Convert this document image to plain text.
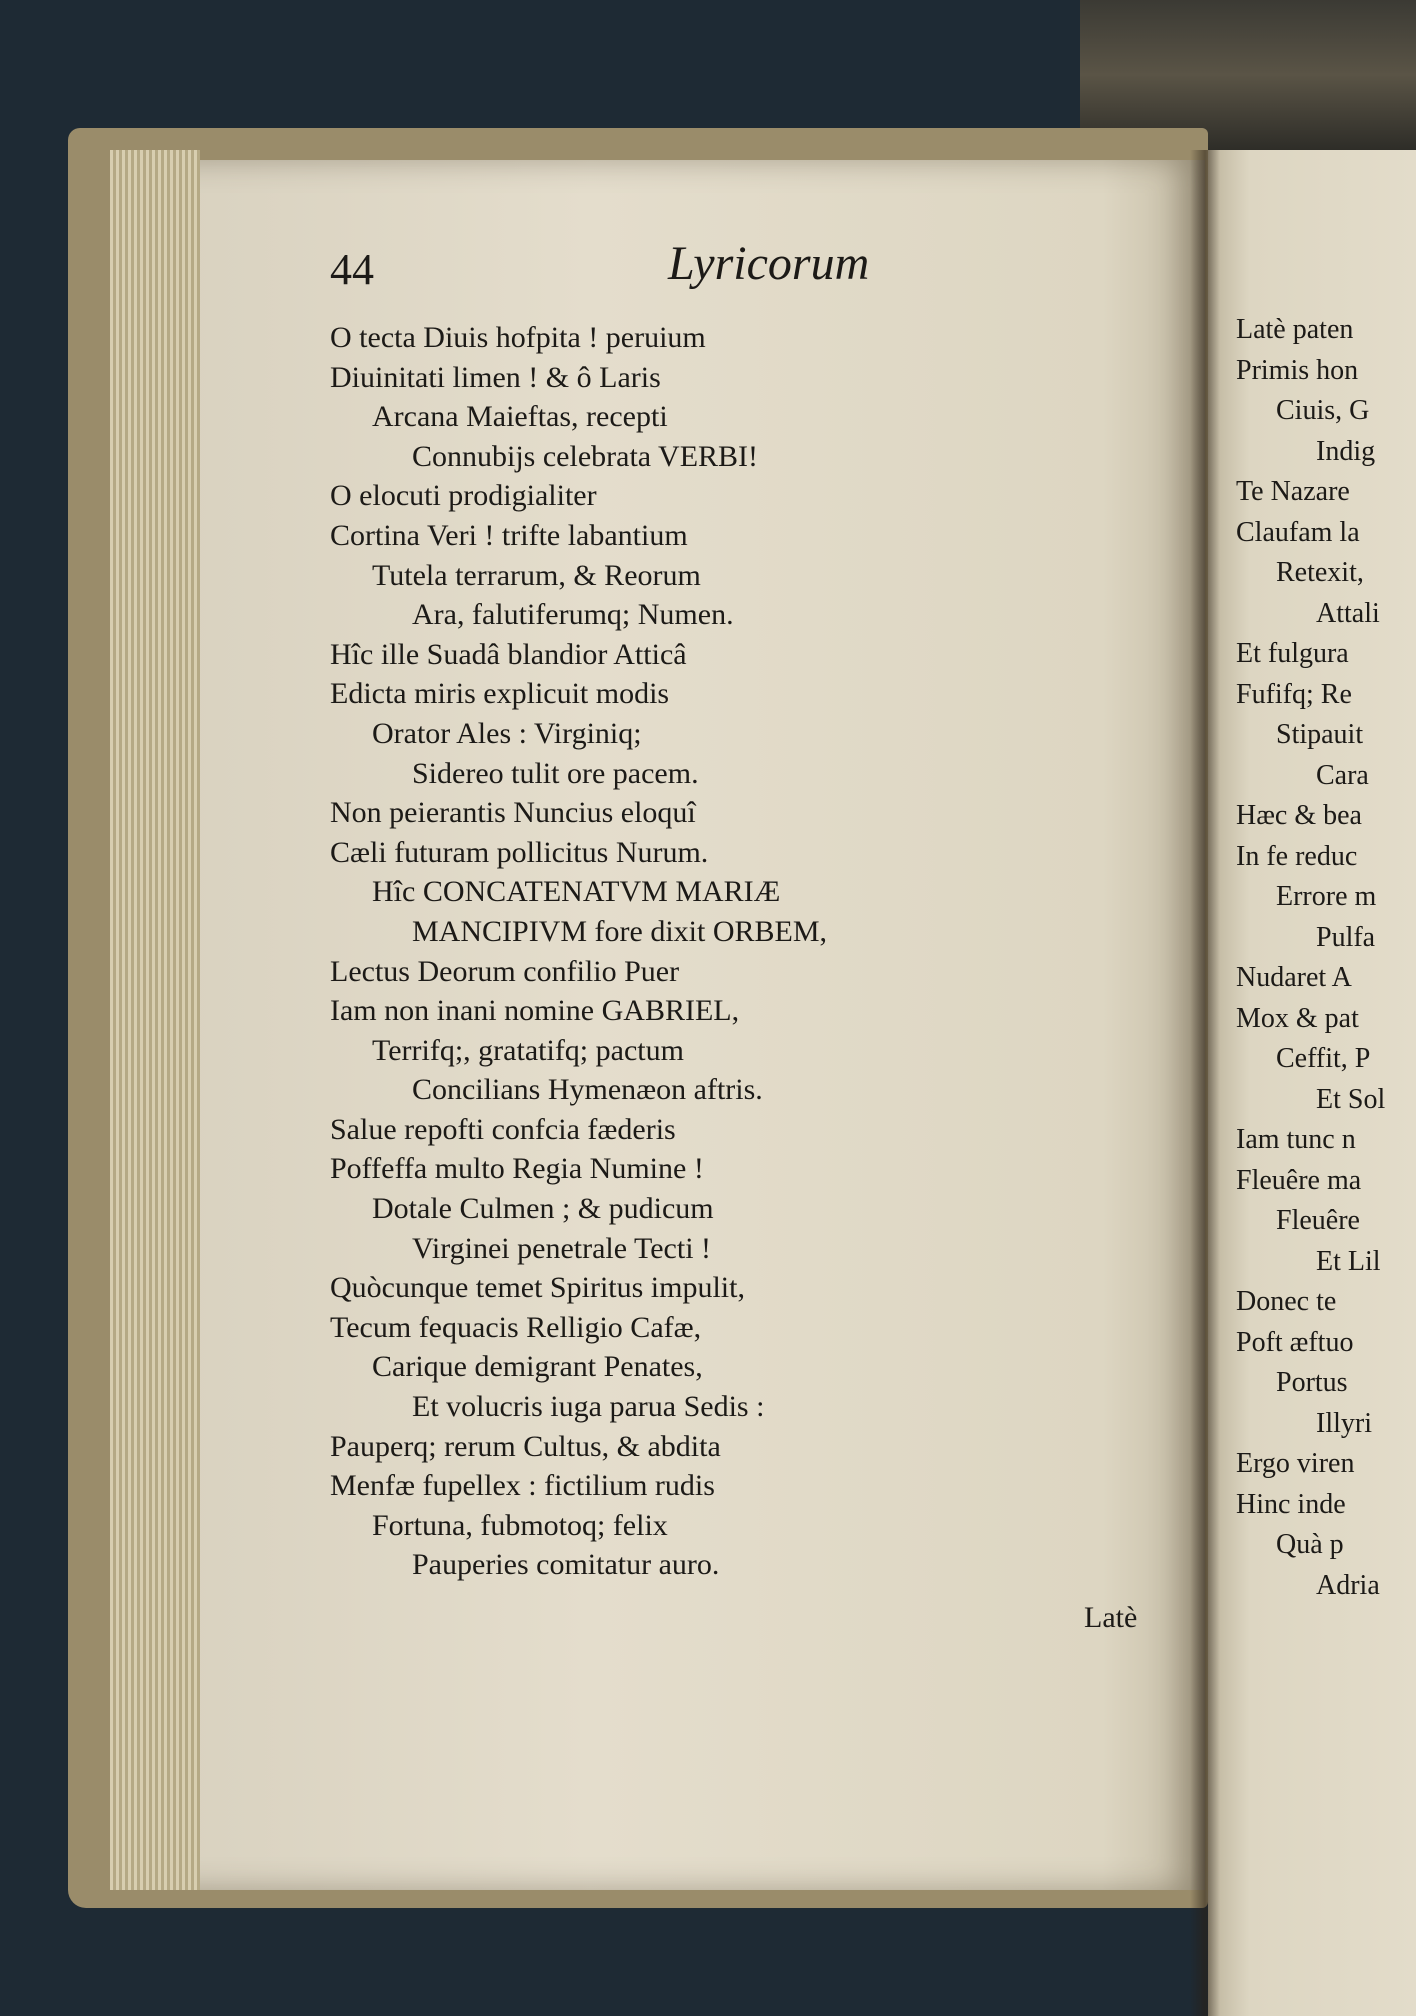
44	Lyricorum
O tecta Diuis hofpita ! peruium
Diuinitati limen ! & ô Laris
Arcana Maieftas, recepti
Connubijs celebrata VERBI!
O elocuti prodigialiter
Cortina Veri ! trifte labantium
Tutela terrarum, & Reorum
Ara, falutiferumq; Numen.
Hîc ille Suadâ blandior Atticâ
Edicta miris explicuit modis
Orator Ales : Virginiq;
Sidereo tulit ore pacem.
Non peierantis Nuncius eloquî
Cæli futuram pollicitus Nurum.
Hîc CONCATENATVM MARIÆ
MANCIPIVM fore dixit ORBEM,
Lectus Deorum confilio Puer
Iam non inani nomine GABRIEL,
Terrifq;, gratatifq; pactum
Concilians Hymenæon aftris.
Salue repofti confcia fæderis
Poffeffa multo Regia Numine !
Dotale Culmen ; & pudicum
Virginei penetrale Tecti !
Quòcunque temet Spiritus impulit,
Tecum fequacis Relligio Cafæ,
Carique demigrant Penates,
Et volucris iuga parua Sedis :
Pauperq; rerum Cultus, & abdita
Menfæ fupellex : fictilium rudis
Fortuna, fubmotoq; felix
Pauperies comitatur auro.
Latè
Latè paten
Primis hon
Ciuis, G
Indig
Te Nazare
Claufam la
Retexit,
Attali
Et fulgura
Fufifq; Re
Stipauit
Cara
Hæc & bea
In fe reduc
Errore m
Pulfa
Nudaret A
Mox & pat
Ceffit, P
Et Sol
Iam tunc n
Fleuêre ma
Fleuêre
Et Lil
Donec te
Poft æftuo
Portus
Illyri
Ergo viren
Hinc inde
Quà p
Adria
